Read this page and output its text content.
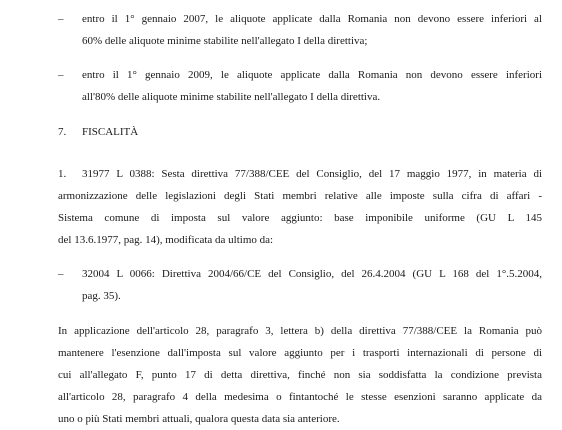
– entro il 1° gennaio 2007, le aliquote applicate dalla Romania non devono essere inferiori al
60% delle aliquote minime stabilite nell'allegato I della direttiva;
– entro il 1° gennaio 2009, le aliquote applicate dalla Romania non devono essere inferiori
all'80% delle aliquote minime stabilite nell'allegato I della direttiva.
7. FISCALITÀ
1. 31977 L 0388: Sesta direttiva 77/388/CEE del Consiglio, del 17 maggio 1977, in materia di
armonizzazione delle legislazioni degli Stati membri relative alle imposte sulla cifra di affari -
Sistema comune di imposta sul valore aggiunto: base imponibile uniforme (GU L 145
del 13.6.1977, pag. 14), modificata da ultimo da:
– 32004 L 0066: Direttiva 2004/66/CE del Consiglio, del 26.4.2004 (GU L 168 del 1°.5.2004,
pag. 35).
In applicazione dell'articolo 28, paragrafo 3, lettera b) della direttiva 77/388/CEE la Romania può
mantenere l'esenzione dall'imposta sul valore aggiunto per i trasporti internazionali di persone di
cui all'allegato F, punto 17 di detta direttiva, finché non sia soddisfatta la condizione prevista
all'articolo 28, paragrafo 4 della medesima o fintantoché le stesse esenzioni saranno applicate da
uno o più Stati membri attuali, qualora questa data sia anteriore.
